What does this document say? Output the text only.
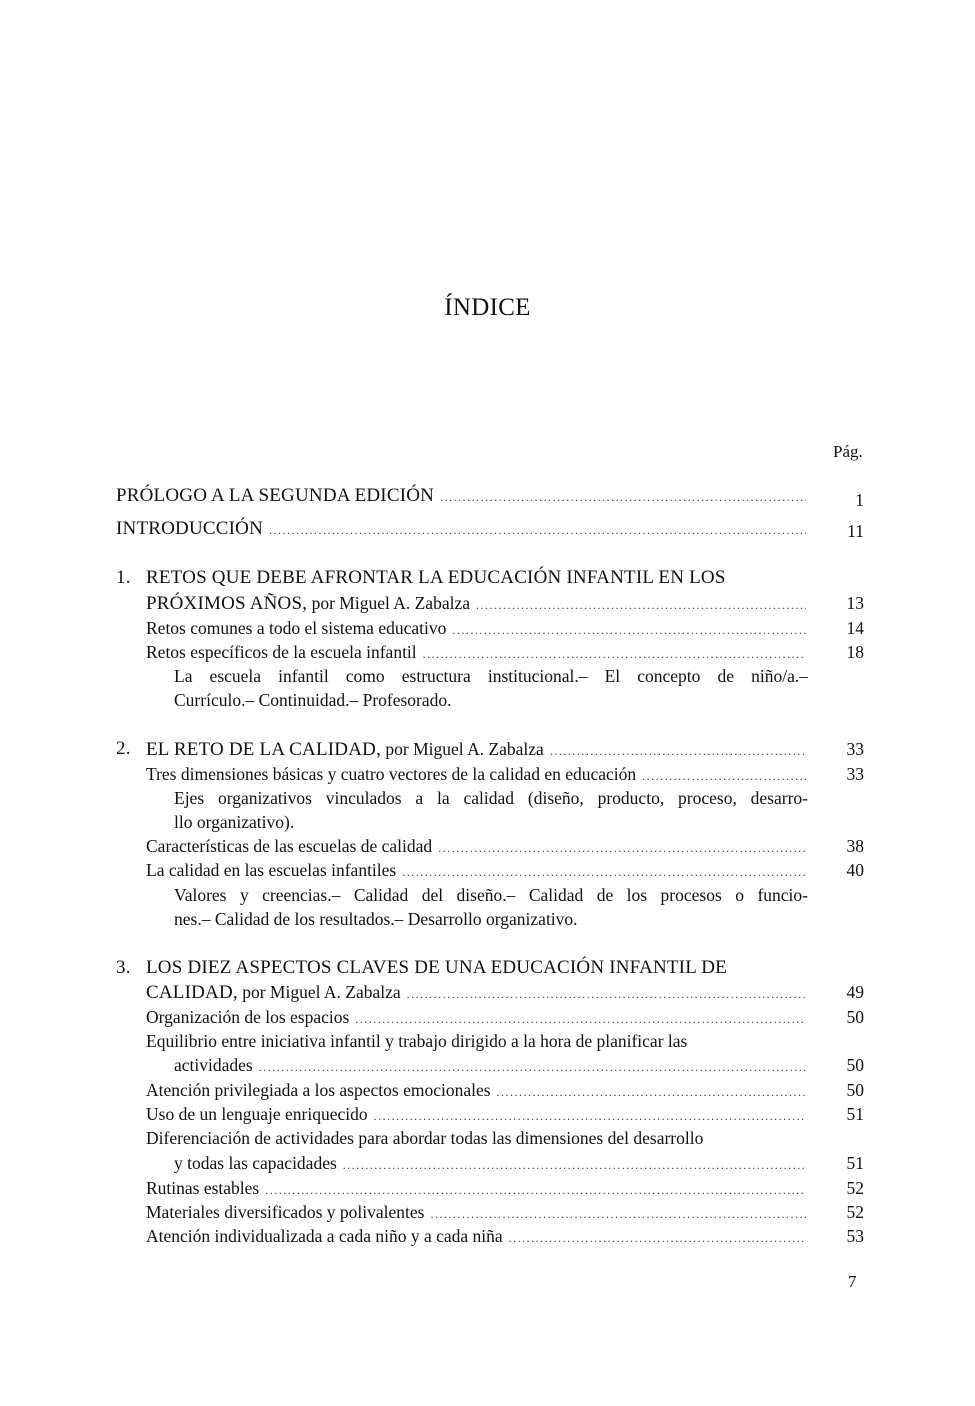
ÍNDICE
Pág.
PRÓLOGO A LA SEGUNDA EDICIÓN .....	1
INTRODUCCIÓN .....	11
1. RETOS QUE DEBE AFRONTAR LA EDUCACIÓN INFANTIL EN LOS
PRÓXIMOS AÑOS, por Miguel A. Zabalza .....	13
Retos comunes a todo el sistema educativo .....	14
Retos específicos de la escuela infantil .....	18
La escuela infantil como estructura institucional.– El concepto de niño/a.–
Currículo.– Continuidad.– Profesorado.
2. EL RETO DE LA CALIDAD, por Miguel A. Zabalza .....	33
Tres dimensiones básicas y cuatro vectores de la calidad en educación .....	33
Ejes organizativos vinculados a la calidad (diseño, producto, proceso, desarro-
llo organizativo).
Características de las escuelas de calidad .....	38
La calidad en las escuelas infantiles .....	40
Valores y creencias.– Calidad del diseño.– Calidad de los procesos o funcio-
nes.– Calidad de los resultados.– Desarrollo organizativo.
3. LOS DIEZ ASPECTOS CLAVES DE UNA EDUCACIÓN INFANTIL DE
CALIDAD, por Miguel A. Zabalza .....	49
Organización de los espacios .....	50
Equilibrio entre iniciativa infantil y trabajo dirigido a la hora de planificar las
actividades .....	50
Atención privilegiada a los aspectos emocionales .....	50
Uso de un lenguaje enriquecido .....	51
Diferenciación de actividades para abordar todas las dimensiones del desarrollo
y todas las capacidades .....	51
Rutinas estables .....	52
Materiales diversificados y polivalentes .....	52
Atención individualizada a cada niño y a cada niña .....	53
7
